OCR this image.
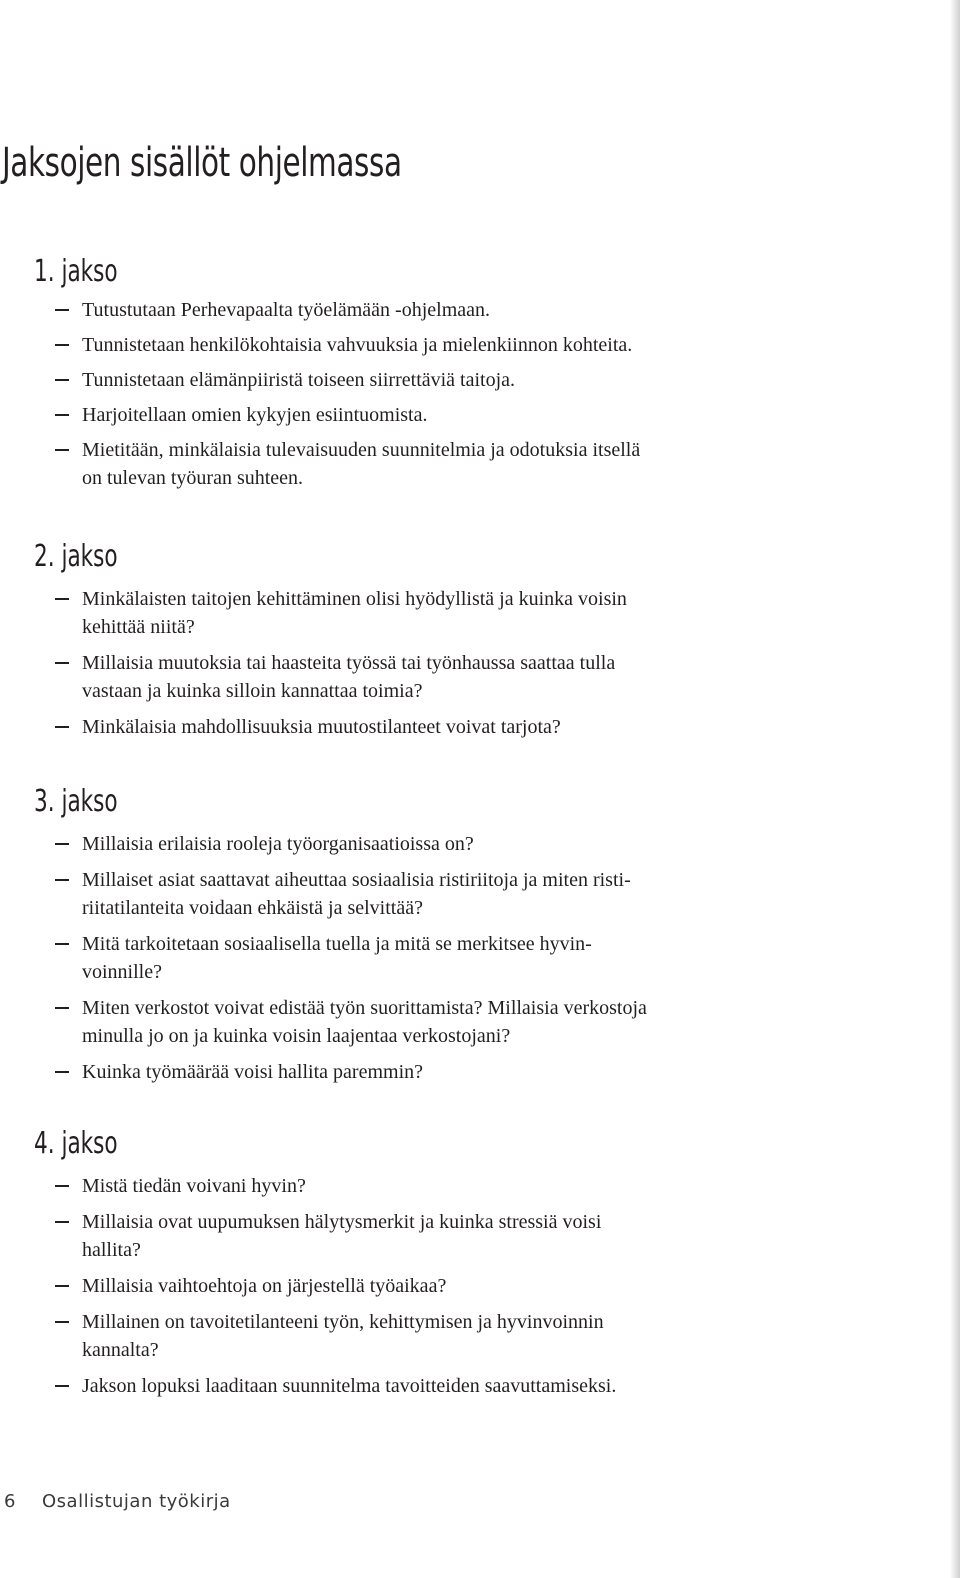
Jaksojen sisällöt ohjelmassa
1. jakso
Tutustutaan Perhevapaalta työelämään -ohjelmaan.
Tunnistetaan henkilökohtaisia vahvuuksia ja mielenkiinnon kohteita.
Tunnistetaan elämänpiiristä toiseen siirrettäviä taitoja.
Harjoitellaan omien kykyjen esiintuomista.
Mietitään, minkälaisia tulevaisuuden suunnitelmia ja odotuksia itsellä
on tulevan työuran suhteen.
2. jakso
Minkälaisten taitojen kehittäminen olisi hyödyllistä ja kuinka voisin
kehittää niitä?
Millaisia muutoksia tai haasteita työssä tai työnhaussa saattaa tulla
vastaan ja kuinka silloin kannattaa toimia?
Minkälaisia mahdollisuuksia muutostilanteet voivat tarjota?
3. jakso
Millaisia erilaisia rooleja työorganisaatioissa on?
Millaiset asiat saattavat aiheuttaa sosiaalisia ristiriitoja ja miten risti-
riitatilanteita voidaan ehkäistä ja selvittää?
Mitä tarkoitetaan sosiaalisella tuella ja mitä se merkitsee hyvin-
voinnille?
Miten verkostot voivat edistää työn suorittamista? Millaisia verkostoja
minulla jo on ja kuinka voisin laajentaa verkostojani?
Kuinka työmäärää voisi hallita paremmin?
4. jakso
Mistä tiedän voivani hyvin?
Millaisia ovat uupumuksen hälytysmerkit ja kuinka stressiä voisi
hallita?
Millaisia vaihtoehtoja on järjestellä työaikaa?
Millainen on tavoitetilanteeni työn, kehittymisen ja hyvinvoinnin
kannalta?
Jakson lopuksi laaditaan suunnitelma tavoitteiden saavuttamiseksi.
6 Osallistujan työkirja
